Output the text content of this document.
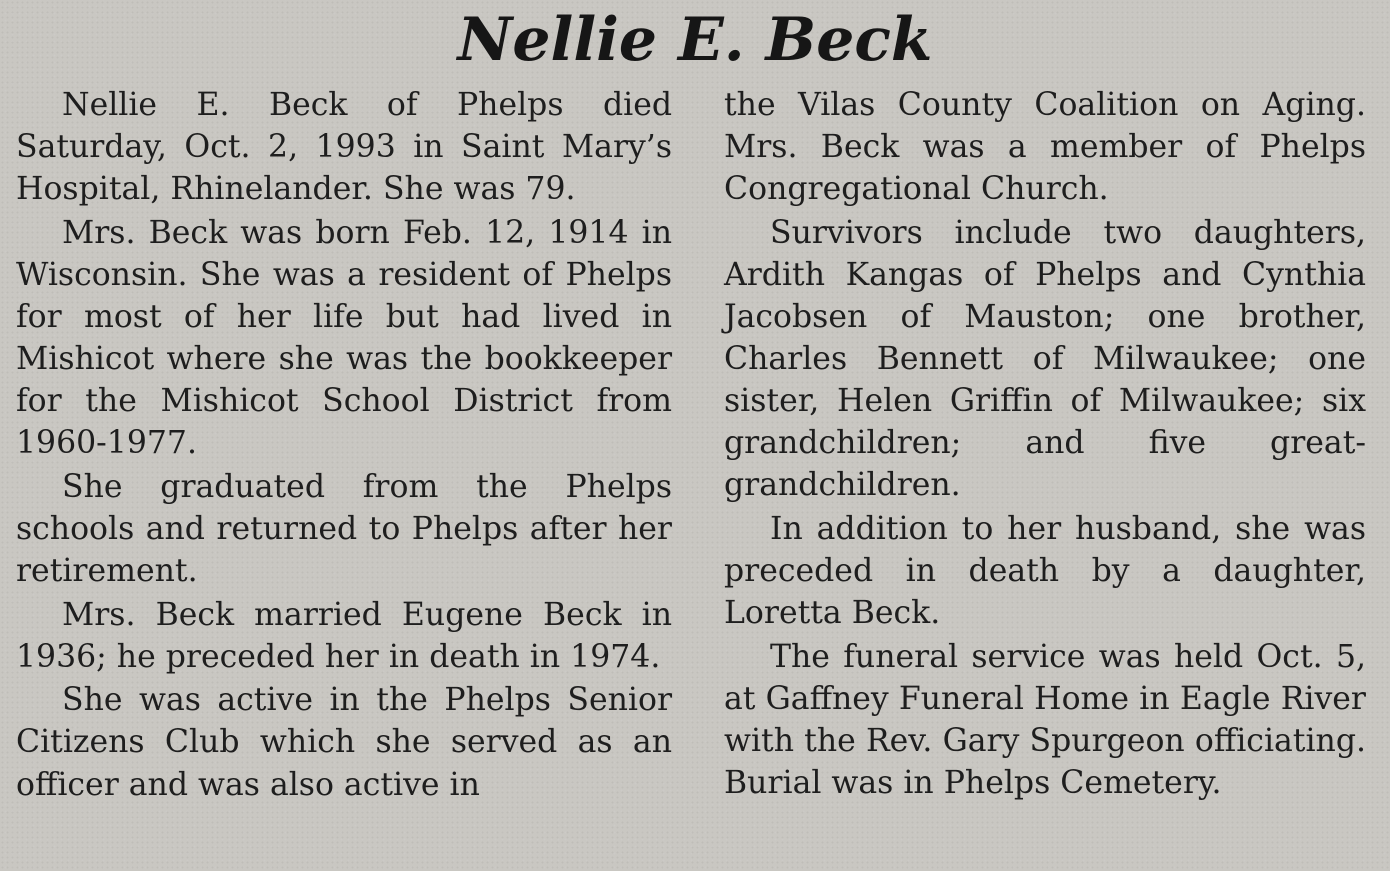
Nellie E. Beck

Nellie E. Beck of Phelps died Saturday, Oct. 2, 1993 in Saint Mary’s Hospital, Rhinelander. She was 79.

Mrs. Beck was born Feb. 12, 1914 in Wisconsin. She was a resident of Phelps for most of her life but had lived in Mishicot where she was the bookkeeper for the Mishicot School District from 1960-1977.

She graduated from the Phelps schools and returned to Phelps after her retirement.

Mrs. Beck married Eugene Beck in 1936; he preceded her in death in 1974.

She was active in the Phelps Senior Citizens Club which she served as an officer and was also active in

the Vilas County Coalition on Aging. Mrs. Beck was a member of Phelps Congregational Church.

Survivors include two daughters, Ardith Kangas of Phelps and Cynthia Jacobsen of Mauston; one brother, Charles Bennett of Milwaukee; one sister, Helen Griffin of Milwaukee; six grandchildren; and five great-grandchildren.

In addition to her husband, she was preceded in death by a daughter, Loretta Beck.

The funeral service was held Oct. 5, at Gaffney Funeral Home in Eagle River with the Rev. Gary Spurgeon officiating. Burial was in Phelps Cemetery.
